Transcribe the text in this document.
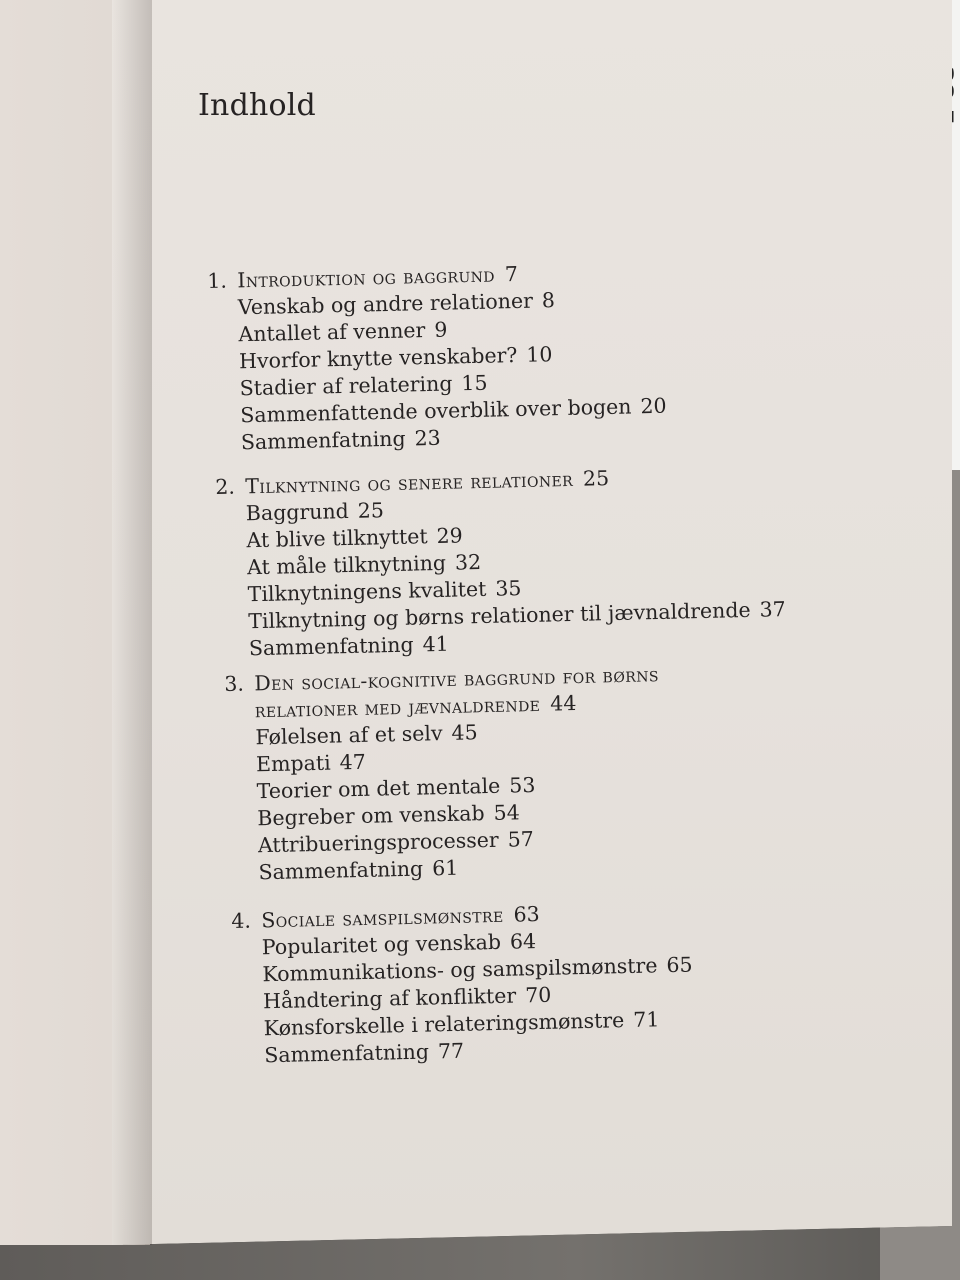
Indhold
1. Introduktion og baggrund 7
Venskab og andre relationer 8
Antallet af venner 9
Hvorfor knytte venskaber? 10
Stadier af relatering 15
Sammenfattende overblik over bogen 20
Sammenfatning 23
2. Tilknytning og senere relationer 25
Baggrund 25
At blive tilknyttet 29
At måle tilknytning 32
Tilknytningens kvalitet 35
Tilknytning og børns relationer til jævnaldrende 37
Sammenfatning 41
3. Den social-kognitive baggrund for børns
relationer med jævnaldrende 44
Følelsen af et selv 45
Empati 47
Teorier om det mentale 53
Begreber om venskab 54
Attribueringsprocesser 57
Sammenfatning 61
4. Sociale samspilsmønstre 63
Popularitet og venskab 64
Kommunikations- og samspilsmønstre 65
Håndtering af konflikter 70
Kønsforskelle i relateringsmønstre 71
Sammenfatning 77
